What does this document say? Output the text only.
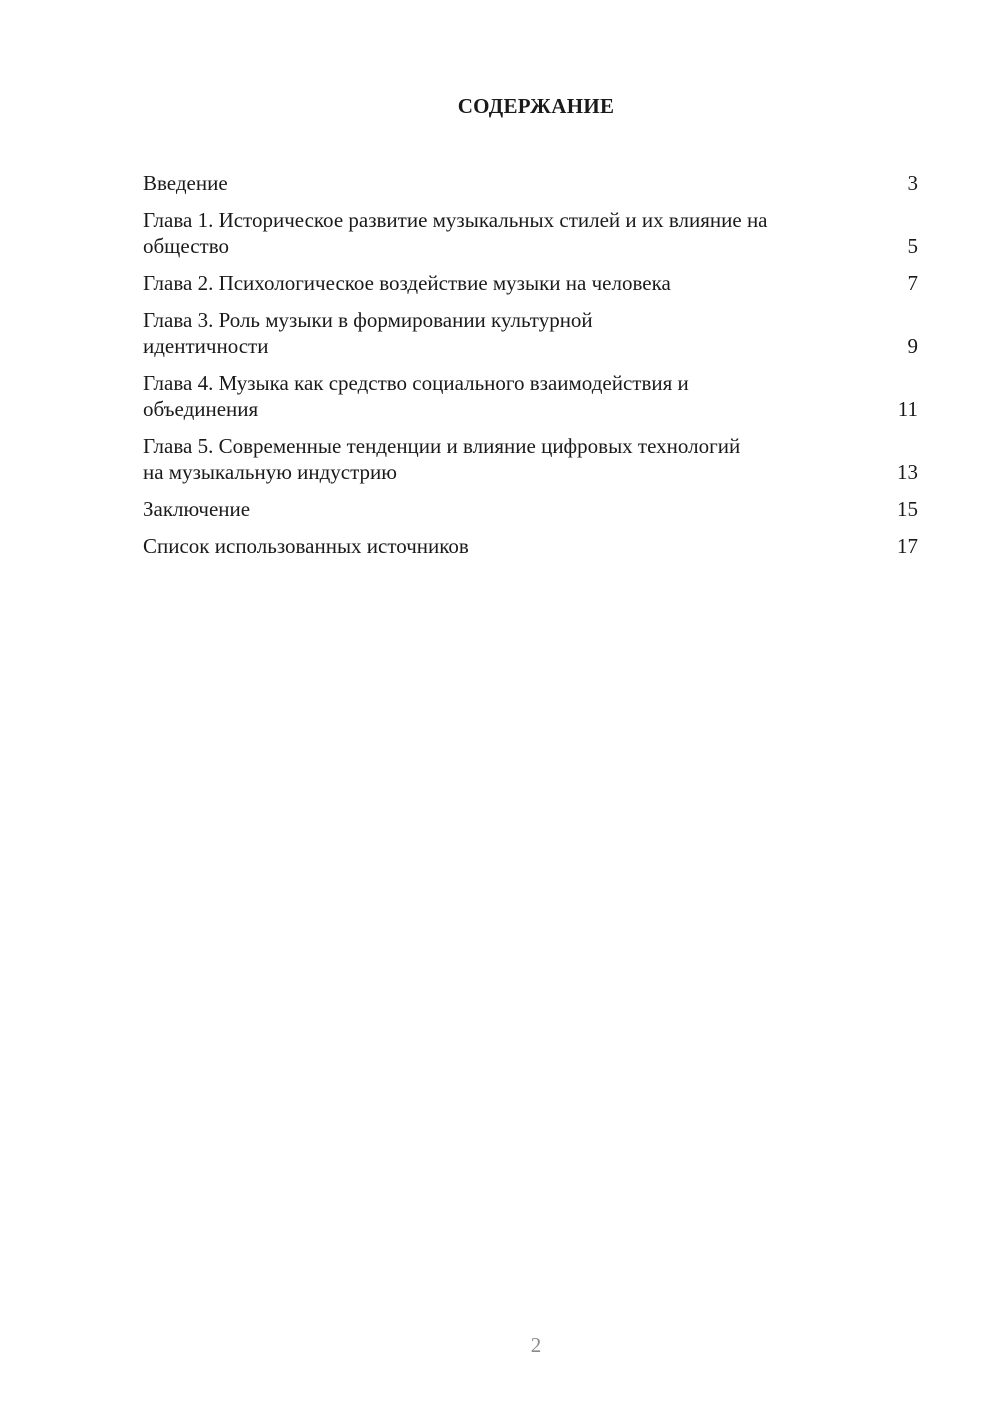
СОДЕРЖАНИЕ
Введение	3
Глава 1. Историческое развитие музыкальных стилей и их влияние на общество	5
Глава 2. Психологическое воздействие музыки на человека	7
Глава 3. Роль музыки в формировании культурной идентичности	9
Глава 4. Музыка как средство социального взаимодействия и объединения	11
Глава 5. Современные тенденции и влияние цифровых технологий на музыкальную индустрию	13
Заключение	15
Список использованных источников	17
2
